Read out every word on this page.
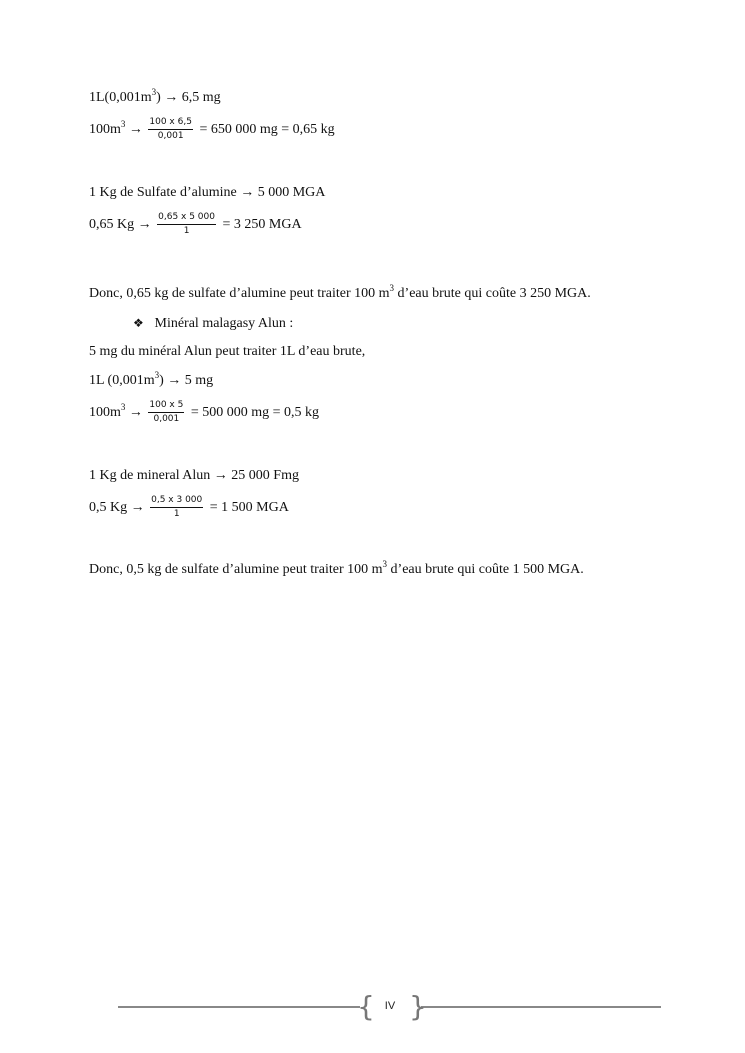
$1L(0,001m^3) \to 6,5$ mg
$100m^3 \to \frac{100 x 6,5}{0,001} = 650$ 000 mg = 0,65 kg
1 Kg de Sulfate d’alumine → 5 000 MGA
0,65 $Kg \to \frac{0,65 x 5 000}{1} = 3$ 250 MGA
Donc, 0,65 kg de sulfate d’alumine peut traiter 100 $m^3$ d’eau brute qui coûte 3 250 MGA.
❖ Minéral malagasy Alun :
5 mg du minéral Alun peut traiter 1L d’eau brute,
1L $(0,001m^3) \to 5$ mg
$100m^3 \to \frac{100 x 5}{0,001} = 500$ 000 mg = 0,5 kg
1 Kg de mineral Alun → 25 000 Fmg
0,5 $Kg \to \frac{0,5 x 3 000}{1} = 1$ 500 MGA
Donc, 0,5 kg de sulfate d’alumine peut traiter 100 $m^3$ d’eau brute qui coûte 1 500 MGA.
{ }
IV
